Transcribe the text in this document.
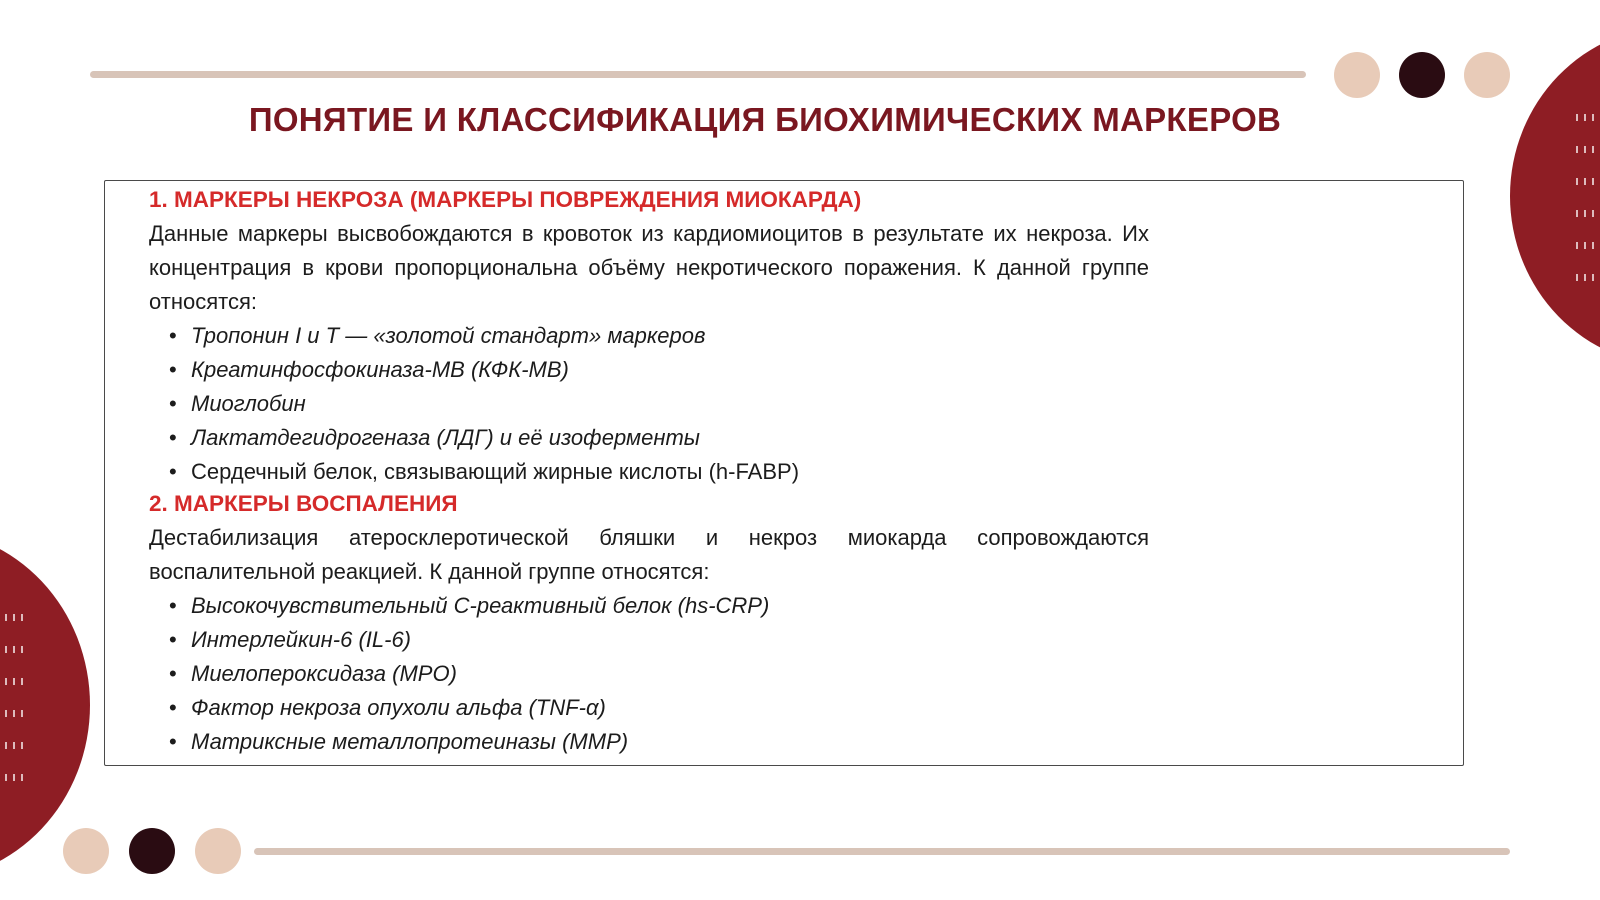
ПОНЯТИЕ И КЛАССИФИКАЦИЯ БИОХИМИЧЕСКИХ МАРКЕРОВ

1. МАРКЕРЫ НЕКРОЗА (МАРКЕРЫ ПОВРЕЖДЕНИЯ МИОКАРДА)

Данные маркеры высвобождаются в кровоток из кардиомиоцитов в результате их некроза. Их концентрация в крови пропорциональна объёму некротического поражения. К данной группе относятся:

• Тропонин I и T — «золотой стандарт» маркеров
• Креатинфосфокиназа-МВ (КФК-МВ)
• Миоглобин
• Лактатдегидрогеназа (ЛДГ) и её изоферменты
• Сердечный белок, связывающий жирные кислоты (h-FABP)

2. МАРКЕРЫ ВОСПАЛЕНИЯ

Дестабилизация атеросклеротической бляшки и некроз миокарда сопровождаются воспалительной реакцией. К данной группе относятся:

• Высокочувствительный С-реактивный белок (hs-CRP)
• Интерлейкин-6 (IL-6)
• Миелопероксидаза (MPO)
• Фактор некроза опухоли альфа (TNF-α)
• Матриксные металлопротеиназы (MMP)
